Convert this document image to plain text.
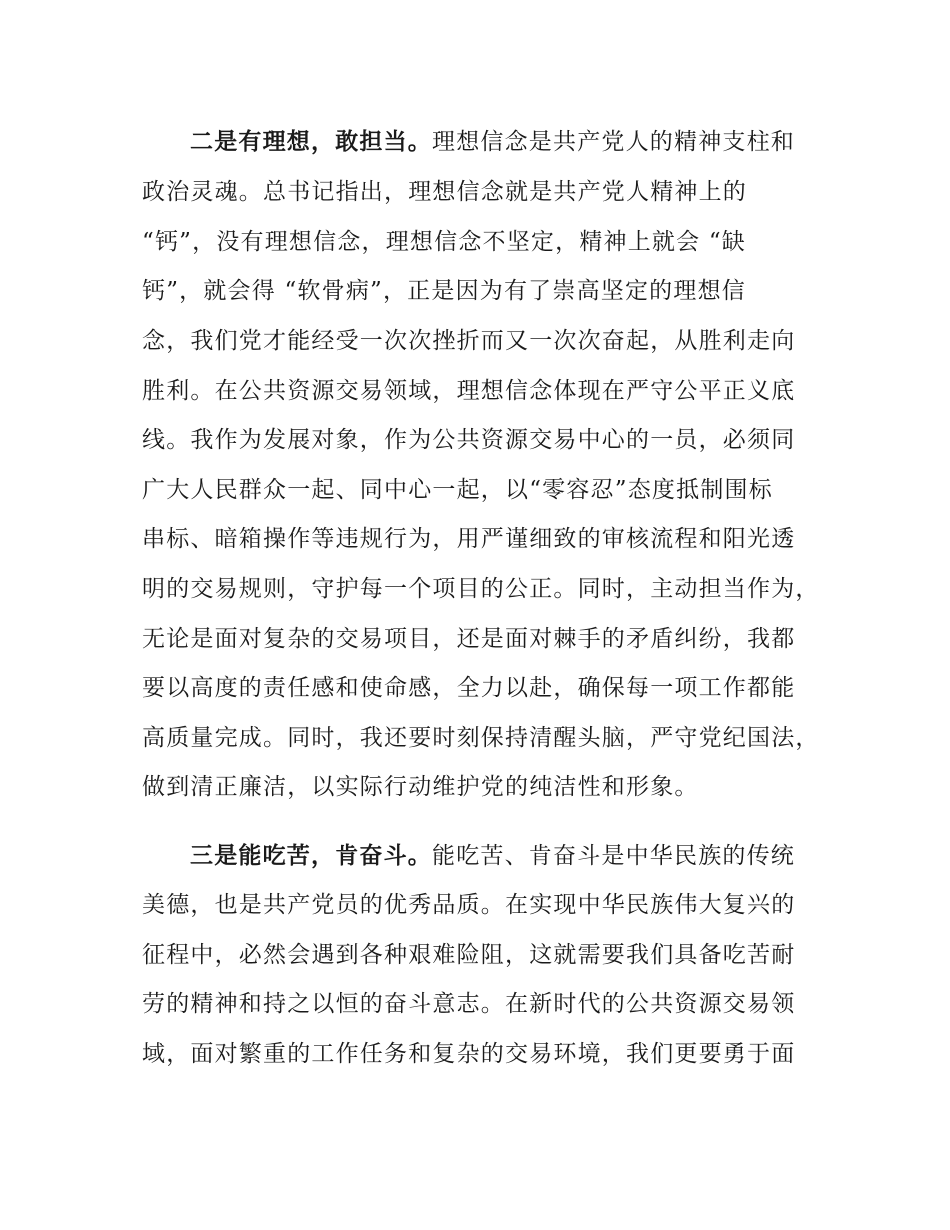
二是有理想，敢担当。理想信念是共产党人的精神支柱和
政治灵魂。总书记指出，理想信念就是共产党人精神上的
“钙”，没有理想信念，理想信念不坚定，精神上就会 “缺
钙”，就会得 “软骨病”，正是因为有了崇高坚定的理想信
念，我们党才能经受一次次挫折而又一次次奋起，从胜利走向
胜利。在公共资源交易领域，理想信念体现在严守公平正义底
线。我作为发展对象，作为公共资源交易中心的一员，必须同
广大人民群众一起、同中心一起，以“零容忍”态度抵制围标
串标、暗箱操作等违规行为，用严谨细致的审核流程和阳光透
明的交易规则，守护每一个项目的公正。同时，主动担当作为，
无论是面对复杂的交易项目，还是面对棘手的矛盾纠纷，我都
要以高度的责任感和使命感，全力以赴，确保每一项工作都能
高质量完成。同时，我还要时刻保持清醒头脑，严守党纪国法，
做到清正廉洁，以实际行动维护党的纯洁性和形象。
三是能吃苦，肯奋斗。能吃苦、肯奋斗是中华民族的传统
美德，也是共产党员的优秀品质。在实现中华民族伟大复兴的
征程中，必然会遇到各种艰难险阻，这就需要我们具备吃苦耐
劳的精神和持之以恒的奋斗意志。在新时代的公共资源交易领
域，面对繁重的工作任务和复杂的交易环境，我们更要勇于面
